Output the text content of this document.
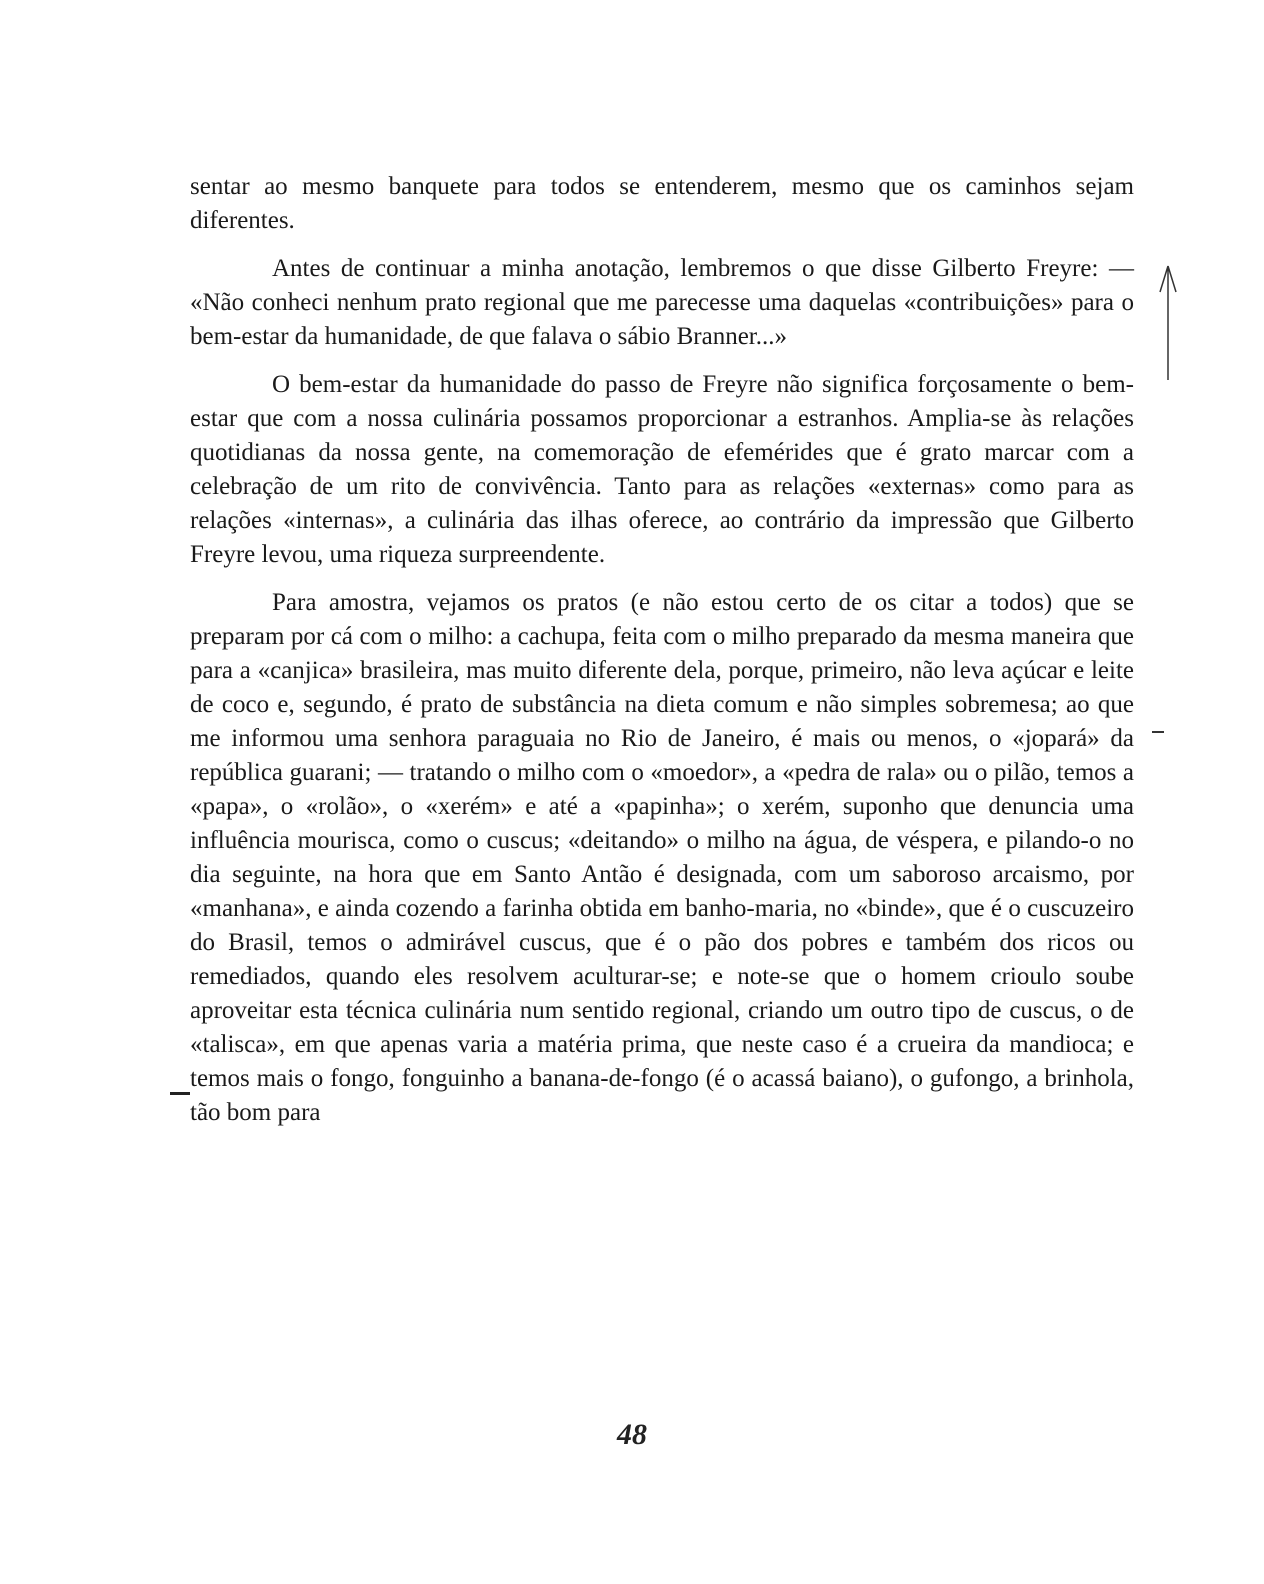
sentar ao mesmo banquete para todos se entenderem, mesmo que os caminhos sejam diferentes.

Antes de continuar a minha anotação, lembremos o que disse Gilberto Freyre: — «Não conheci nenhum prato regional que me parecesse uma daquelas «contribuições» para o bem-estar da humanidade, de que falava o sábio Branner...»

O bem-estar da humanidade do passo de Freyre não significa forçosamente o bem-estar que com a nossa culinária possamos proporcionar a estranhos. Amplia-se às relações quotidianas da nossa gente, na comemoração de efemérides que é grato marcar com a celebração de um rito de convivência. Tanto para as relações «externas» como para as relações «internas», a culinária das ilhas oferece, ao contrário da impressão que Gilberto Freyre levou, uma riqueza surpreendente.

Para amostra, vejamos os pratos (e não estou certo de os citar a todos) que se preparam por cá com o milho: a cachupa, feita com o milho preparado da mesma maneira que para a «canjica» brasileira, mas muito diferente dela, porque, primeiro, não leva açúcar e leite de coco e, segundo, é prato de substância na dieta comum e não simples sobremesa; ao que me informou uma senhora paraguaia no Rio de Janeiro, é mais ou menos, o «jopará» da república guarani; — tratando o milho com o «moedor», a «pedra de rala» ou o pilão, temos a «papa», o «rolão», o «xerém» e até a «papinha»; o xerém, suponho que denuncia uma influência mourisca, como o cuscus; «deitando» o milho na água, de véspera, e pilando-o no dia seguinte, na hora que em Santo Antão é designada, com um saboroso arcaismo, por «manhana», e ainda cozendo a farinha obtida em banho-maria, no «binde», que é o cuscuzeiro do Brasil, temos o admirável cuscus, que é o pão dos pobres e também dos ricos ou remediados, quando eles resolvem aculturar-se; e note-se que o homem crioulo soube aproveitar esta técnica culinária num sentido regional, criando um outro tipo de cuscus, o de «talisca», em que apenas varia a matéria prima, que neste caso é a crueira da mandioca; e temos mais o fongo, fonguinho a banana-de-fongo (é o acassá baiano), o gufongo, a brinhola, tão bom para

48
